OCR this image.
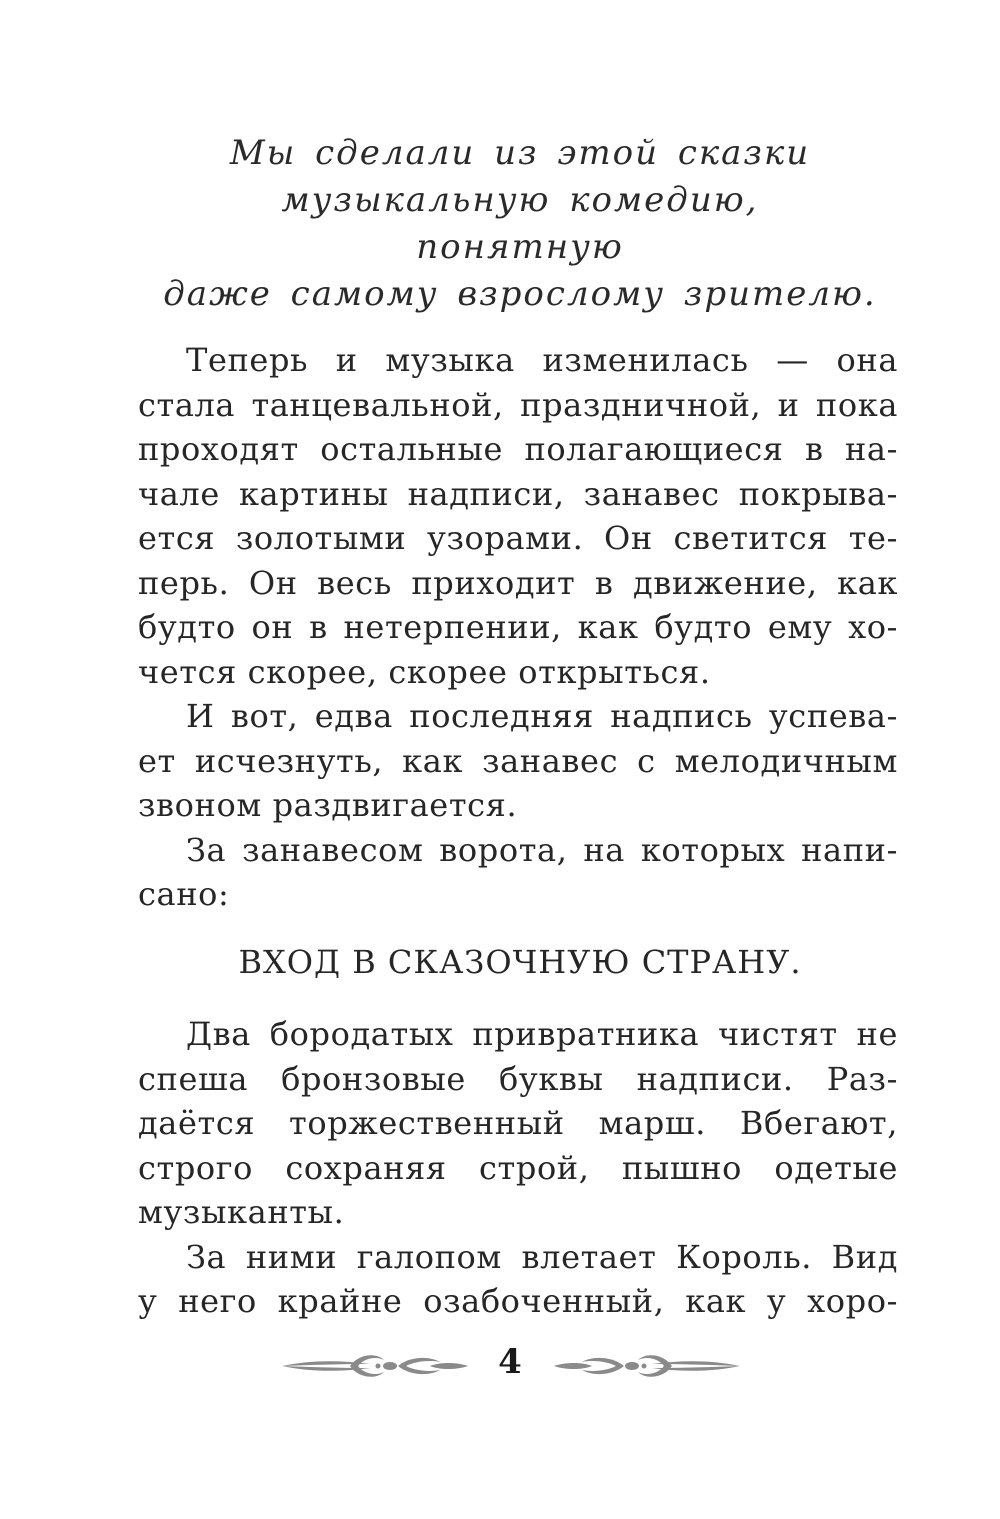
Мы сделали из этой сказки
музыкальную комедию,
понятную
даже самому взрослому зрителю.
Теперь и музыка изменилась — она
стала танцевальной, праздничной, и пока
проходят остальные полагающиеся в на-
чале картины надписи, занавес покрыва-
ется золотыми узорами. Он светится те-
перь. Он весь приходит в движение, как
будто он в нетерпении, как будто ему хо-
чется скорее, скорее открыться.
И вот, едва последняя надпись успева-
ет исчезнуть, как занавес с мелодичным
звоном раздвигается.
За занавесом ворота, на которых напи-
сано:
ВХОД В СКАЗОЧНУЮ СТРАНУ.
Два бородатых привратника чистят не
спеша бронзовые буквы надписи. Раз-
даётся торжественный марш. Вбегают,
строго сохраняя строй, пышно одетые
музыканты.
За ними галопом влетает Король. Вид
у него крайне озабоченный, как у хоро-
4
